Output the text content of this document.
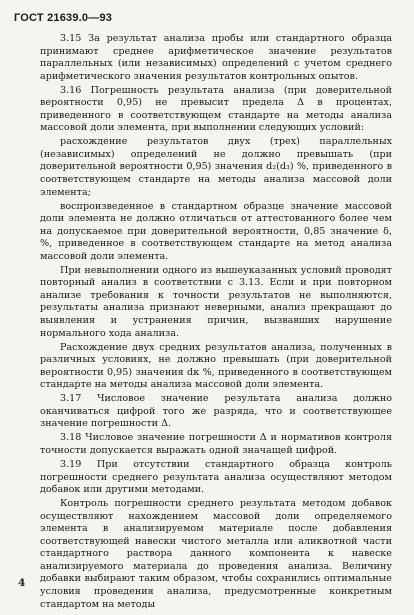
ГОСТ 21639.0—93

3.15 За результат анализа пробы или стандартного образца принимают среднее арифметическое значение результатов параллельных (или независимых) определений с учетом среднего арифметического значения результатов контрольных опытов.

3.16 Погрешность результата анализа (при доверительной вероятности 0,95) не превысит предела Δ в процентах, приведенного в соответствующем стандарте на методы анализа массовой доли элемента, при выполнении следующих условий:

расхождение результатов двух (трех) параллельных (независимых) определений не должно превышать (при доверительной вероятности 0,95) значения d₂(d₃) %, приведенного в соответствующем стандарте на методы анализа массовой доли элемента;

воспроизведенное в стандартном образце значение массовой доли элемента не должно отличаться от аттестованного более чем на допускаемое при доверительной вероятности, 0,85 значение δ, %, приведенное в соответствующем стандарте на метод анализа массовой доли элемента.

При невыполнении одного из вышеуказанных условий проводят повторный анализ в соответствии с 3.13. Если и при повторном анализе требования к точности результатов не выполняются, результаты анализа признают неверными, анализ прекращают до выявления и устранения причин, вызвавших нарушение нормального хода анализа.

Расхождение двух средних результатов анализа, полученных в различных условиях, не должно превышать (при доверительной вероятности 0,95) значения dк %, приведенного в соответствующем стандарте на методы анализа массовой доли элемента.

3.17 Числовое значение результата анализа должно оканчиваться цифрой того же разряда, что и соответствующее значение погрешности Δ.

3.18 Числовое значение погрешности Δ и нормативов контроля точности допускается выражать одной значащей цифрой.

3.19 При отсутствии стандартного образца контроль погрешности среднего результата анализа осуществляют методом добавок или другими методами.

Контроль погрешности среднего результата методом добавок осуществляют нахождением массовой доли определяемого элемента в анализируемом материале после добавления соответствующей навески чистого металла или аликвотной части стандартного раствора данного компонента к навеске анализируемого материала до проведения анализа. Величину добавки выбирают таким образом, чтобы сохранились оптимальные условия проведения анализа, предусмотренные конкретным стандартом на методы

4
